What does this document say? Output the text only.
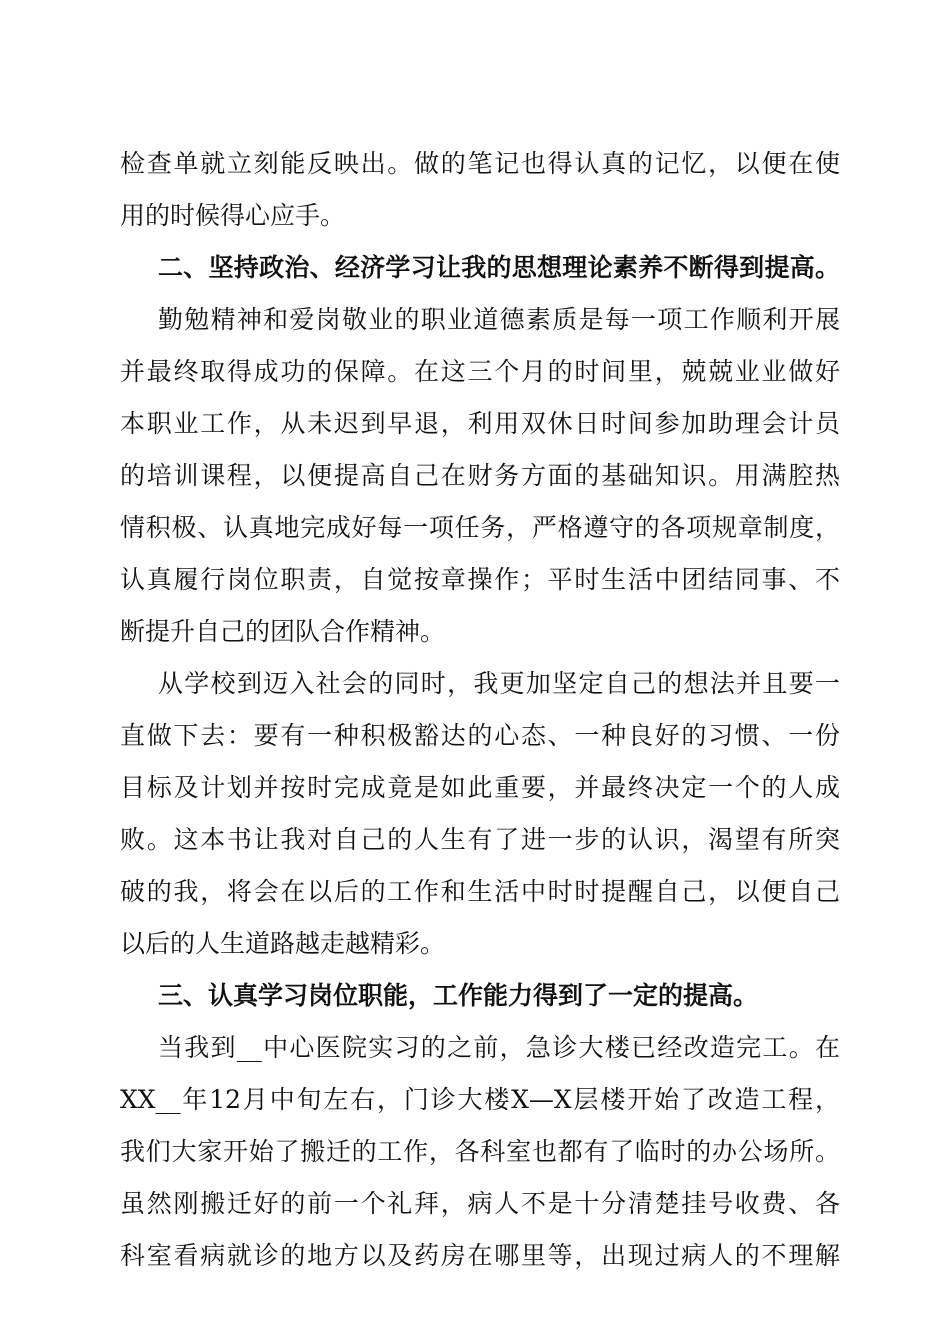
检查单就立刻能反映出。做的笔记也得认真的记忆，以便在使
用的时候得心应手。
二、坚持政治、经济学习让我的思想理论素养不断得到提高。
勤勉精神和爱岗敬业的职业道德素质是每一项工作顺利开展
并最终取得成功的保障。在这三个月的时间里，兢兢业业做好
本职业工作，从未迟到早退，利用双休日时间参加助理会计员
的培训课程，以便提高自己在财务方面的基础知识。用满腔热
情积极、认真地完成好每一项任务，严格遵守的各项规章制度，
认真履行岗位职责，自觉按章操作；平时生活中团结同事、不
断提升自己的团队合作精神。
从学校到迈入社会的同时，我更加坚定自己的想法并且要一
直做下去：要有一种积极豁达的心态、一种良好的习惯、一份
目标及计划并按时完成竟是如此重要，并最终决定一个的人成
败。这本书让我对自己的人生有了进一步的认识，渴望有所突
破的我，将会在以后的工作和生活中时时提醒自己，以便自己
以后的人生道路越走越精彩。
三、认真学习岗位职能，工作能力得到了一定的提高。
当我到__中心医院实习的之前，急诊大楼已经改造完工。在
XX__年12月中旬左右，门诊大楼X—X层楼开始了改造工程，
我们大家开始了搬迁的工作，各科室也都有了临时的办公场所。
虽然刚搬迁好的前一个礼拜，病人不是十分清楚挂号收费、各
科室看病就诊的地方以及药房在哪里等，出现过病人的不理解
